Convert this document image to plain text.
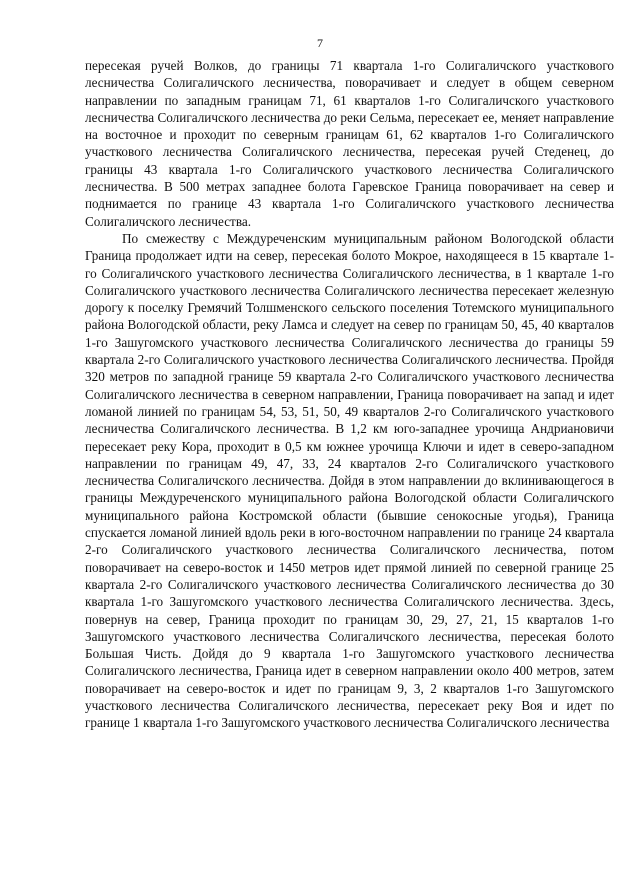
7

пересекая ручей Волков, до границы 71 квартала 1-го Солигаличского участкового лесничества Солигаличского лесничества, поворачивает и следует в общем северном направлении по западным границам 71, 61 кварталов 1-го Солигаличского участкового лесничества Солигаличского лесничества до реки Сельма, пересекает ее, меняет направление на восточное и проходит по северным границам 61, 62 кварталов 1-го Солигаличского участкового лесничества Солигаличского лесничества, пересекая ручей Стеденец, до границы 43 квартала 1-го Солигаличского участкового лесничества Солигаличского лесничества. В 500 метрах западнее болота Гаревское Граница поворачивает на север и поднимается по границе 43 квартала 1-го Солигаличского участкового лесничества Солигаличского лесничества.

По смежеству с Междуреченским муниципальным районом Вологодской области Граница продолжает идти на север, пересекая болото Мокрое, находящееся в 15 квартале 1-го Солигаличского участкового лесничества Солигаличского лесничества, в 1 квартале 1-го Солигаличского участкового лесничества Солигаличского лесничества пересекает железную дорогу к поселку Гремячий Толшменского сельского поселения Тотемского муниципального района Вологодской области, реку Ламса и следует на север по границам 50, 45, 40 кварталов 1-го Зашугомского участкового лесничества Солигаличского лесничества до границы 59 квартала 2-го Солигаличского участкового лесничества Солигаличского лесничества. Пройдя 320 метров по западной границе 59 квартала 2-го Солигаличского участкового лесничества Солигаличского лесничества в северном направлении, Граница поворачивает на запад и идет ломаной линией по границам 54, 53, 51, 50, 49 кварталов 2-го Солигаличского участкового лесничества Солигаличского лесничества. В 1,2 км юго-западнее урочища Андриановичи пересекает реку Кора, проходит в 0,5 км южнее урочища Ключи и идет в северо-западном направлении по границам 49, 47, 33, 24 кварталов 2-го Солигаличского участкового лесничества Солигаличского лесничества. Дойдя в этом направлении до вклинивающегося в границы Междуреченского муниципального района Вологодской области Солигаличского муниципального района Костромской области (бывшие сенокосные угодья), Граница спускается ломаной линией вдоль реки в юго-восточном направлении по границе 24 квартала 2-го Солигаличского участкового лесничества Солигаличского лесничества, потом поворачивает на северо-восток и 1450 метров идет прямой линией по северной границе 25 квартала 2-го Солигаличского участкового лесничества Солигаличского лесничества до 30 квартала 1-го Зашугомского участкового лесничества Солигаличского лесничества. Здесь, повернув на север, Граница проходит по границам 30, 29, 27, 21, 15 кварталов 1-го Зашугомского участкового лесничества Солигаличского лесничества, пересекая болото Большая Чисть. Дойдя до 9 квартала 1-го Зашугомского участкового лесничества Солигаличского лесничества, Граница идет в северном направлении около 400 метров, затем поворачивает на северо-восток и идет по границам 9, 3, 2 кварталов 1-го Зашугомского участкового лесничества Солигаличского лесничества, пересекает реку Воя и идет по границе 1 квартала 1-го Зашугомского участкового лесничества Солигаличского лесничества
